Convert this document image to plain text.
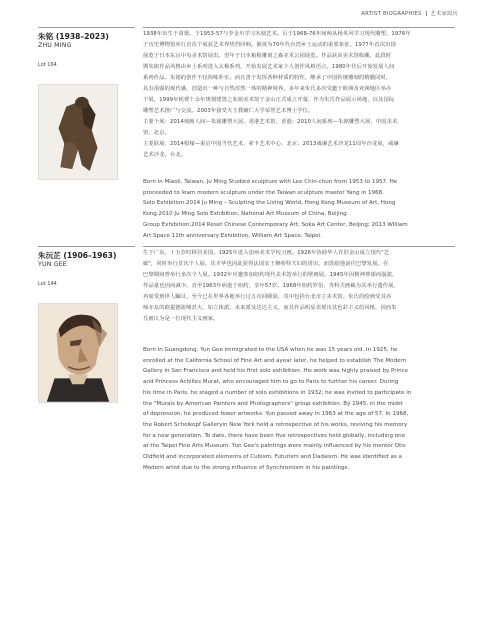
ARTIST BIOGRAPHIES 艺术家简历
朱铭 (1938–2023)
ZHU MING
Lot 164

1938年出生于苗栗。于1953-57与李金川学习木刻艺术。后于1968-76年间师从杨英风学习现代雕塑。1976年

于历史博物馆举行首次个展获艺术界热烈回响。被视为70年代台湾乡土运动的重要象征。1977年首次出国

展览于日本东京中央美术馆展出。翌年于日本箱根雕刻之森美术公园展览。作品获该美术馆收藏，此段时

期朱铭作品风格由乡土系列进入太极系列，开始发展艺术家个人创作风格语言。1980年代后开始发展人间

系列作品。朱铭的创作不仅简练朴实，而且善于发挥各种材质的特性，继承了中国传统雕刻的精髓同时，

具有很强的现代感，创造出一种与自然浑然一体的精神境界。多年来朱氏多次受邀于欧洲及亚洲地区举办

个展，1999年耗费十余年规划建置之朱铭美术馆于金山正式成立开幕，作为朱氏作品展示场地，以及国际

雕塑艺术推广与交流。2003年接受天主教辅仁大学荣誉艺术博士学位。

主要个展：2014刻画人间—朱铭雕塑大展，香港艺术馆，香港；2010人间系列—朱铭雕塑大展，中国美术

馆，北京。

主要联展：2014根缘—重启中国当代艺术，索卡艺术中心，北京；2013威廉艺术沙龙11周年沙龙展，威廉

艺术沙龙，台北。

Born in Miaoli, Taiwan, Ju Ming Studied sculpture with Lee Chin-chun from 1953 to 1957. He

proceeded to learn modern sculpture under the Taiwan sculpture master Yang in 1968.

Solo Exhibition:2014 Ju Ming – Sculpting the Living World, Hong Kong Museum of Art, Hong

Kong.2010 Ju Ming Solo Exhibition, National Art Museum of China, Beijing.

Group Exhibition:2014 Reset Chinese Contemporary Art, Soka Art Center, Beijing; 2013 William

Art Space 11th anniversary Exhibition, William Art Space, Taipei.

朱沅芷 (1906–1963)
YUN GEE
Lot 144

生于广东，十五岁时移居美国。1925年进入加州美术学校习画。1926年协助华人在旧金山成立现代"艺

廊"，同时举行首次个人展。其才华也因此获得法国亲王穆哈特夫妇的赏识，而鼓励他前往巴黎发展。在

巴黎期间曾举行多次个人展。1932年应邀参加纽约现代美术馆举行的壁画展。1945年因精神抑郁而崩溃，

作品量也因而减少。直至1963年病逝于纽约，享年57岁。1968年纽约罗伯，寿科夫画廊为其举行遗作展，

再度受到世人瞩目。至今已在世界各地举行过五次回顾展，其中包括台北市立美术馆。朱氏的绘画受其亦

师亦友的欧提德影响甚大，如立体派、未来派及达达主义，而其作品明显表现出其色彩主义的风格，因而朱

氏被认为是一位现代主义画家。

Born in Guangdong, Yun Gee immigrated to the USA when he was 15 years old. In 1925, he

enrolled at the California School of Fine Art and ayear later, he helped to establish The Modern

Gallery in San Francisco and held his first solo exhibition. His work was highly praised by Prince

and Princess Achilles Murat, who encouraged him to go to Paris to further his career. During

his time in Paris, he staged a number of solo exhibitions in 1932; he was invited to participate in

the "Murals by American Painters and Photographers" group exhibition. By 1945, in the midst

of depression, he produced fewer artworks. Yun passed away in 1963 at the age of 57. In 1968,

the Robert Scholkopf Galleryin New York held a retrospective of his works, reviving his memory

for a new generation. To date, there have been five retrospectives held globally, including one

at the Taipei Fine Arts Museum. Yun Gee's paintings were mainly influenced by his mentor Otis

Oldfield and incorporated elements of Cubism, Futurism and Dadaism. He was identified as a

Modern artist due to the strong influence of Synchromism in his paintings.
